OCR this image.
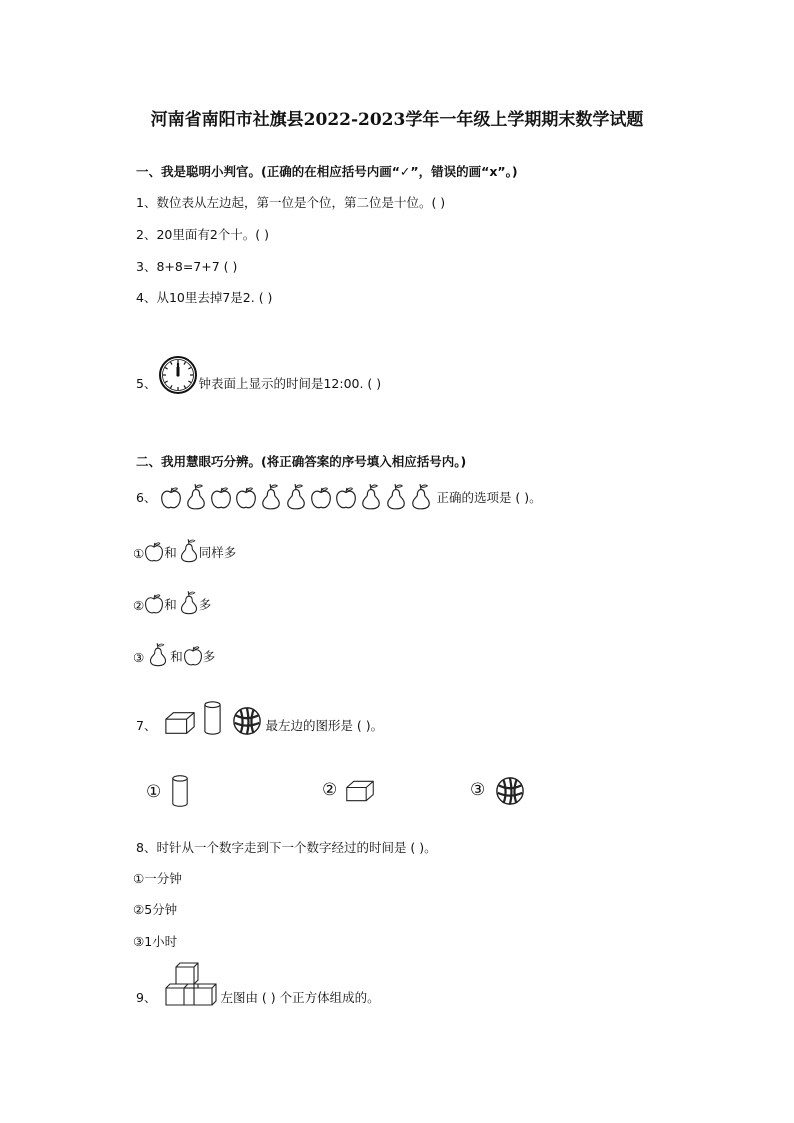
河南省南阳市社旗县2022-2023学年一年级上学期期末数学试题
一、我是聪明小判官。(正确的在相应括号内画“✓”，错误的画“x”。)
1、数位表从左边起，第一位是个位，第二位是十位。( )
2、20里面有2个十。( )
3、8+8=7+7 ( )
4、从10里去掉7是2. ( )
5、	钟表面上显示的时间是12:00. ( )
二、我用慧眼巧分辨。(将正确答案的序号填入相应括号内。)
6、	正确的选项是 ( )。
① 和 同样多
② 和 多
③ 和 多
7、	最左边的图形是 ( )。
①	②	③
8、时针从一个数字走到下一个数字经过的时间是 ( )。
①一分钟
②5分钟
③1小时
9、	左图由 ( ) 个正方体组成的。
